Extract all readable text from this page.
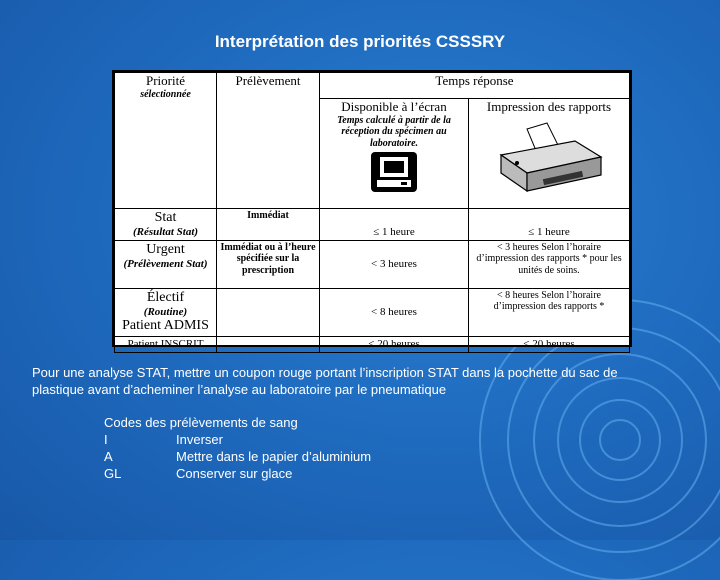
Interprétation des priorités CSSSRY
Priorité
sélectionnée	Prélèvement	Temps réponse	

		Disponible à l’écran
Temps calculé à partir de la réception du spécimen au laboratoire.	Impression des rapports

Stat
(Résultat Stat)	Immédiat	≤ 1 heure	≤ 1 heure

Urgent
(Prélèvement Stat)	Immédiat ou à l’heure spécifiée sur la prescription	< 3 heures	< 3 heures Selon l’horaire d’impression des rapports * pour les unités de soins.

Électif
(Routine)
Patient ADMIS		< 8 heures	< 8 heures Selon l’horaire d’impression des rapports *
Patient INSCRIT		< 20 heures	< 20 heures
Pour une analyse STAT, mettre un coupon rouge portant l’inscription STAT dans la pochette du sac de plastique avant d’acheminer l’analyse au laboratoire par le pneumatique
Codes des prélèvements de sang
I	Inverser
A	Mettre dans le papier d’aluminium
GL	Conserver sur glace
